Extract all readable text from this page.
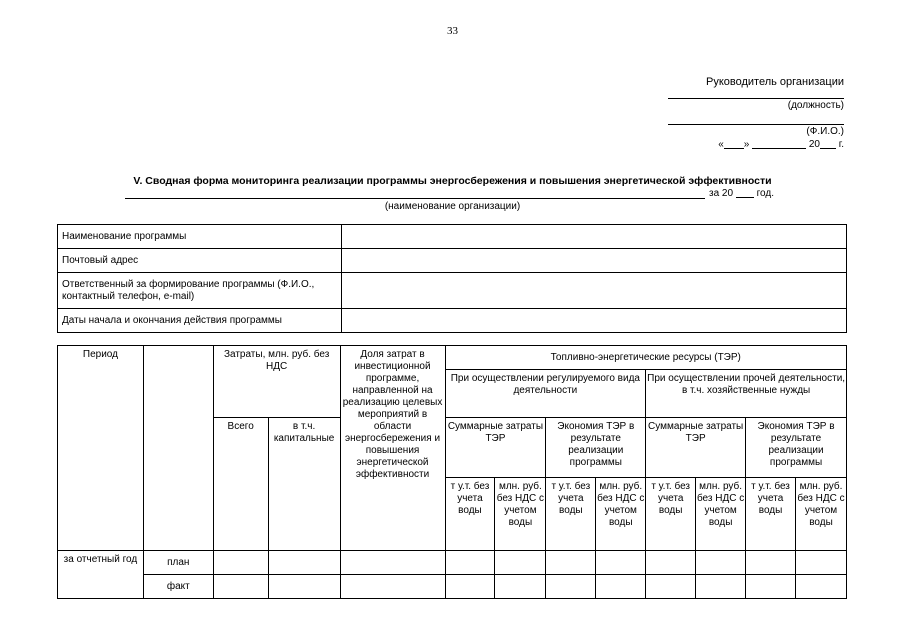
33
Руководитель организации
(должность)
(Ф.И.О.)
« »	20 г.
V. Сводная форма мониторинга реализации программы энергосбережения и повышения энергетической эффективности
за 20 год.
(наименование организации)
Наименование программы	
Почтовый адрес	
Ответственный за формирование программы (Ф.И.О., контактный телефон, e-mail)	
Даты начала и окончания действия программы	
Период		Затраты, млн. руб. без НДС		Доля затрат в инвестиционной программе, направленной на реализацию целевых мероприятий в области энергосбережения и повышения энергетической эффективности	Топливно-энергетические ресурсы (ТЭР)							
					При осуществлении регулируемого вида деятельности				При осуществлении прочей деятельности, в т.ч. хозяйственные нужды			
		Всего	в т.ч. капитальные		Суммарные затраты ТЭР		Экономия ТЭР в результате реализации программы		Суммарные затраты ТЭР		Экономия ТЭР в результате реализации программы	
					т у.т. без учета воды	млн. руб. без НДС с учетом воды	т у.т. без учета воды	млн. руб. без НДС с учетом воды	т у.т. без учета воды	млн. руб. без НДС с учетом воды	т у.т. без учета воды	млн. руб. без НДС с учетом воды
за отчетный год	план											
	факт											
